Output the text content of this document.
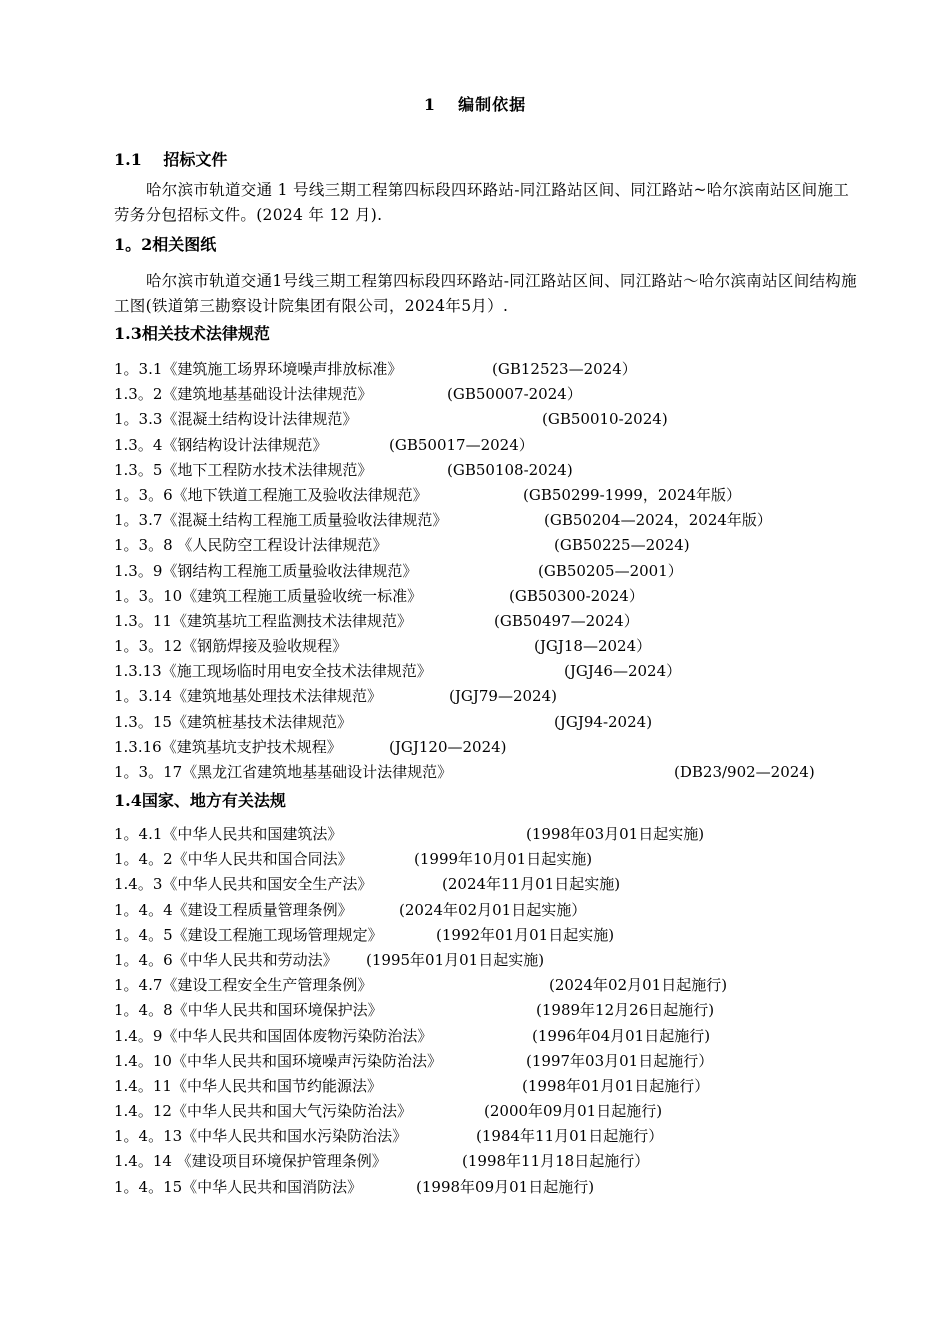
1 编制依据
1.1　 招标文件
哈尔滨市轨道交通 1 号线三期工程第四标段四环路站-同江路站区间、同江路站~哈尔滨南站区间施工劳务分包招标文件。(2024 年 12 月).
1。2相关图纸
哈尔滨市轨道交通1号线三期工程第四标段四环路站-同江路站区间、同江路站～哈尔滨南站区间结构施工图(铁道第三勘察设计院集团有限公司，2024年5月）.
1.3相关技术法律规范
1。3.1《建筑施工场界环境噪声排放标准》	(GB12523—2024）
1.3。2《建筑地基基础设计法律规范》	(GB50007-2024）
1。3.3《混凝土结构设计法律规范》	(GB50010-2024)
1.3。4《钢结构设计法律规范》	(GB50017—2024）
1.3。5《地下工程防水技术法律规范》	(GB50108-2024)
1。3。6《地下铁道工程施工及验收法律规范》	(GB50299-1999，2024年版）
1。3.7《混凝土结构工程施工质量验收法律规范》	(GB50204—2024，2024年版）
1。3。8 《人民防空工程设计法律规范》	(GB50225—2024)
1.3。9《钢结构工程施工质量验收法律规范》	(GB50205—2001）
1。3。10《建筑工程施工质量验收统一标准》	(GB50300-2024）
1.3。11《建筑基坑工程监测技术法律规范》	(GB50497—2024）
1。3。12《钢筋焊接及验收规程》	(JGJ18—2024）
1.3.13《施工现场临时用电安全技术法律规范》	(JGJ46—2024）
1。3.14《建筑地基处理技术法律规范》	(JGJ79—2024)
1.3。15《建筑桩基技术法律规范》	(JGJ94-2024)
1.3.16《建筑基坑支护技术规程》	(JGJ120—2024)
1。3。17《黑龙江省建筑地基基础设计法律规范》	(DB23/902—2024)
1.4国家、地方有关法规
1。4.1《中华人民共和国建筑法》	(1998年03月01日起实施)
1。4。2《中华人民共和国合同法》	(1999年10月01日起实施)
1.4。3《中华人民共和国安全生产法》	(2024年11月01日起实施)
1。4。4《建设工程质量管理条例》	(2024年02月01日起实施）
1。4。5《建设工程施工现场管理规定》	(1992年01月01日起实施)
1。4。6《中华人民共和劳动法》 (1995年01月01日起实施)
1。4.7《建设工程安全生产管理条例》	(2024年02月01日起施行)
1。4。8《中华人民共和国环境保护法》	(1989年12月26日起施行)
1.4。9《中华人民共和国固体废物污染防治法》	(1996年04月01日起施行)
1.4。10《中华人民共和国环境噪声污染防治法》	(1997年03月01日起施行）
1.4。11《中华人民共和国节约能源法》	(1998年01月01日起施行）
1.4。12《中华人民共和国大气污染防治法》	(2000年09月01日起施行)
1。4。13《中华人民共和国水污染防治法》	(1984年11月01日起施行）
1.4。14 《建设项目环境保护管理条例》	(1998年11月18日起施行）
1。4。15《中华人民共和国消防法》	(1998年09月01日起施行)
